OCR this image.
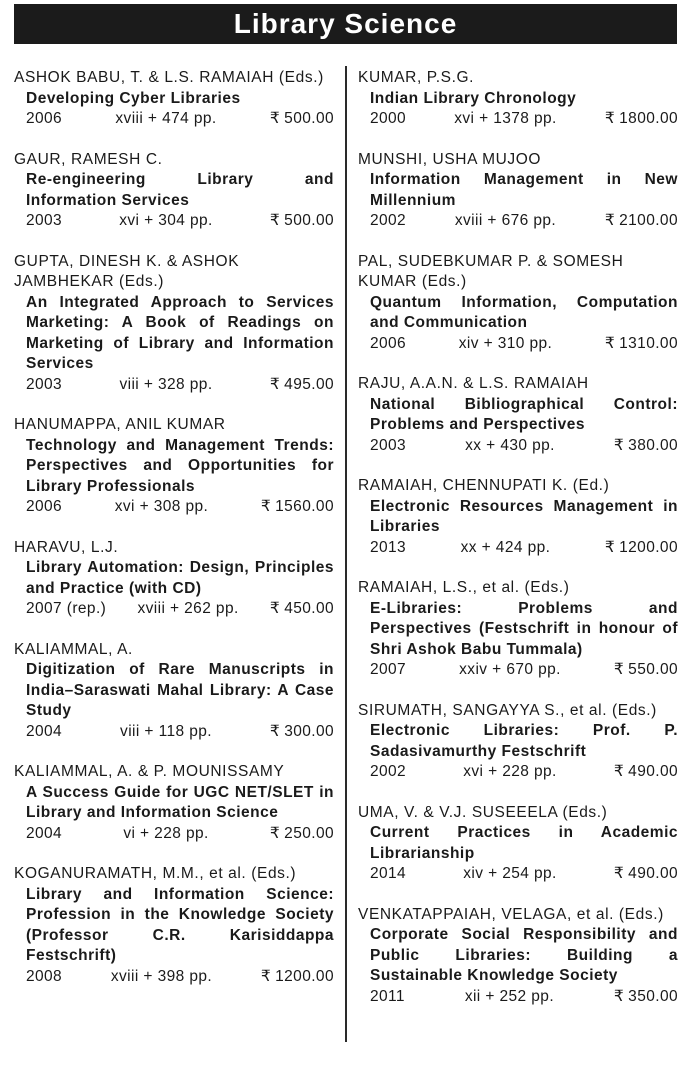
Library Science
ASHOK BABU, T. & L.S. RAMAIAH (Eds.)
Developing Cyber Libraries
2006	xviii + 474 pp.	₹ 500.00
GAUR, RAMESH C.
Re-engineering Library and Information Services
2003	xvi + 304 pp.	₹ 500.00
GUPTA, DINESH K. & ASHOK JAMBHEKAR (Eds.)
An Integrated Approach to Services Marketing: A Book of Readings on Marketing of Library and Information Services
2003	viii + 328 pp.	₹ 495.00
HANUMAPPA, ANIL KUMAR
Technology and Management Trends: Perspectives and Opportunities for Library Professionals
2006	xvi + 308 pp.	₹ 1560.00
HARAVU, L.J.
Library Automation: Design, Principles and Practice (with CD)
2007 (rep.) xviii + 262 pp. ₹ 450.00
KALIAMMAL, A.
Digitization of Rare Manuscripts in India–Saraswati Mahal Library: A Case Study
2004	viii + 118 pp.	₹ 300.00
KALIAMMAL, A. & P. MOUNISSAMY
A Success Guide for UGC NET/SLET in Library and Information Science
2004	vi + 228 pp.	₹ 250.00
KOGANURAMATH, M.M., et al. (Eds.)
Library and Information Science: Profession in the Knowledge Society (Professor C.R. Karisiddappa Festschrift)
2008	xviii + 398 pp.	₹ 1200.00
KUMAR, P.S.G.
Indian Library Chronology
2000	xvi + 1378 pp.	₹ 1800.00
MUNSHI, USHA MUJOO
Information Management in New Millennium
2002	xviii + 676 pp.	₹ 2100.00
PAL, SUDEBKUMAR P. & SOMESH KUMAR (Eds.)
Quantum Information, Computation and Communication
2006	xiv + 310 pp.	₹ 1310.00
RAJU, A.A.N. & L.S. RAMAIAH
National Bibliographical Control: Problems and Perspectives
2003	xx + 430 pp.	₹ 380.00
RAMAIAH, CHENNUPATI K. (Ed.)
Electronic Resources Management in Libraries
2013	xx + 424 pp.	₹ 1200.00
RAMAIAH, L.S., et al. (Eds.)
E-Libraries: Problems and Perspectives (Festschrift in honour of Shri Ashok Babu Tummala)
2007	xxiv + 670 pp.	₹ 550.00
SIRUMATH, SANGAYYA S., et al. (Eds.)
Electronic Libraries: Prof. P. Sadasivamurthy Festschrift
2002	xvi + 228 pp.	₹ 490.00
UMA, V. & V.J. SUSEEELA (Eds.)
Current Practices in Academic Librarianship
2014	xiv + 254 pp.	₹ 490.00
VENKATAPPAIAH, VELAGA, et al. (Eds.)
Corporate Social Responsibility and Public Libraries: Building a Sustainable Knowledge Society
2011	xii + 252 pp.	₹ 350.00
